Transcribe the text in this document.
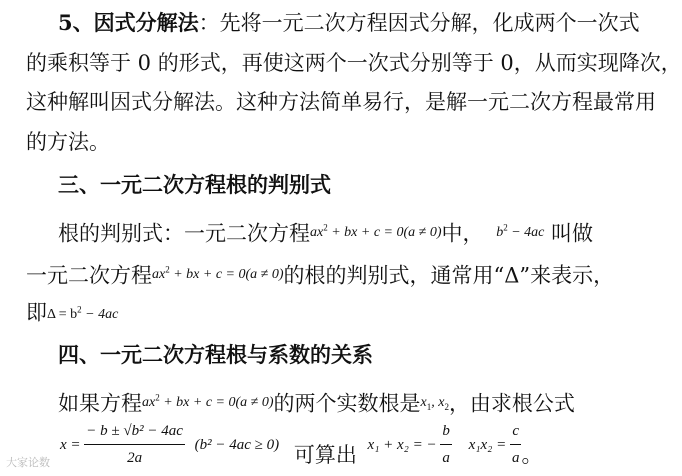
5、因式分解法：先将一元二次方程因式分解，化成两个一次式
的乘积等于 0 的形式，再使这两个一次式分别等于 0，从而实现降次，
这种解叫因式分解法。这种方法简单易行，是解一元二次方程最常用
的方法。
三、一元二次方程根的判别式
根的判别式：一元二次方程$^{ax^2 + bx + c = 0(a \ne 0)}$中， $^{b^2 - 4ac}$ 叫做
一元二次方程$^{ax^2 + bx + c = 0(a \ne 0)}$的根的判别式，通常用“Δ”来表示，
即$\Delta = b^2 - 4ac$
四、一元二次方程根与系数的关系
如果方程$^{ax^2 + bx + c = 0(a \ne 0)}$的两个实数根是$^{x_1, x_2}$，由求根公式
$x = \frac{\text{− b ± √b² − 4ac}}{2a} (b^2 - 4ac \ge 0)$ 可算出 x₁ + x₂ = − $\frac{b}{a} x_1x_2 = \frac{c}{a}$ 。
大家论数
